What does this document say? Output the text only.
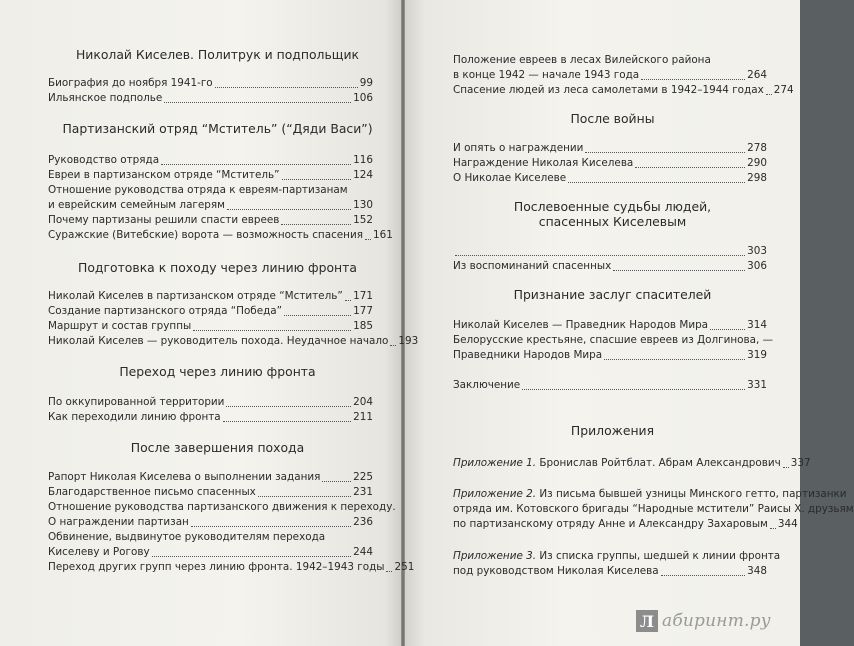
Николай Киселев. Политрук и подпольщик
Биография до ноября 1941-го	99
Ильянское подполье	106
Партизанский отряд “Мститель” (“Дяди Васи”)
Руководство отряда	116
Евреи в партизанском отряде “Мститель”	124
Отношение руководства отряда к евреям-партизанам
и еврейским семейным лагерям	130
Почему партизаны решили спасти евреев	152
Суражские (Витебские) ворота — возможность спасения 161
Подготовка к походу через линию фронта
Николай Киселев в партизанском отряде “Мститель” 171
Создание партизанского отряда “Победа”	177
Маршрут и состав группы	185
Николай Киселев — руководитель похода. Неудачное начало 193
Переход через линию фронта
По оккупированной территории	204
Как переходили линию фронта	211
После завершения похода
Рапорт Николая Киселева о выполнении задания	225
Благодарственное письмо спасенных	231
Отношение руководства партизанского движения к переходу.
О награждении партизан	236
Обвинение, выдвинутое руководителям перехода
Киселеву и Рогову	244
Переход других групп через линию фронта. 1942–1943 годы 251
Положение евреев в лесах Вилейского района
в конце 1942 — начале 1943 года	264
Спасение людей из леса самолетами в 1942–1944 годах 274
После войны
И опять о награждении	278
Награждение Николая Киселева	290
О Николае Киселеве	298
Послевоенные судьбы людей,
спасенных Киселевым
303
Из воспоминаний спасенных	306
Признание заслуг спасителей
Николай Киселев — Праведник Народов Мира	314
Белорусские крестьяне, спасшие евреев из Долгинова, —
Праведники Народов Мира	319
Заключение	331
Приложения
Приложение 1. Бронислав Ройтблат. Абрам Александрович 337
Приложение 2. Из письма бывшей узницы Минского гетто, партизанки
отряда им. Котовского бригады “Народные мстители” Раисы Х. друзьям
по партизанскому отряду Анне и Александру Захаровым 344
Приложение 3. Из списка группы, шедшей к линии фронта
под руководством Николая Киселева	348
Л абиринт.ру
